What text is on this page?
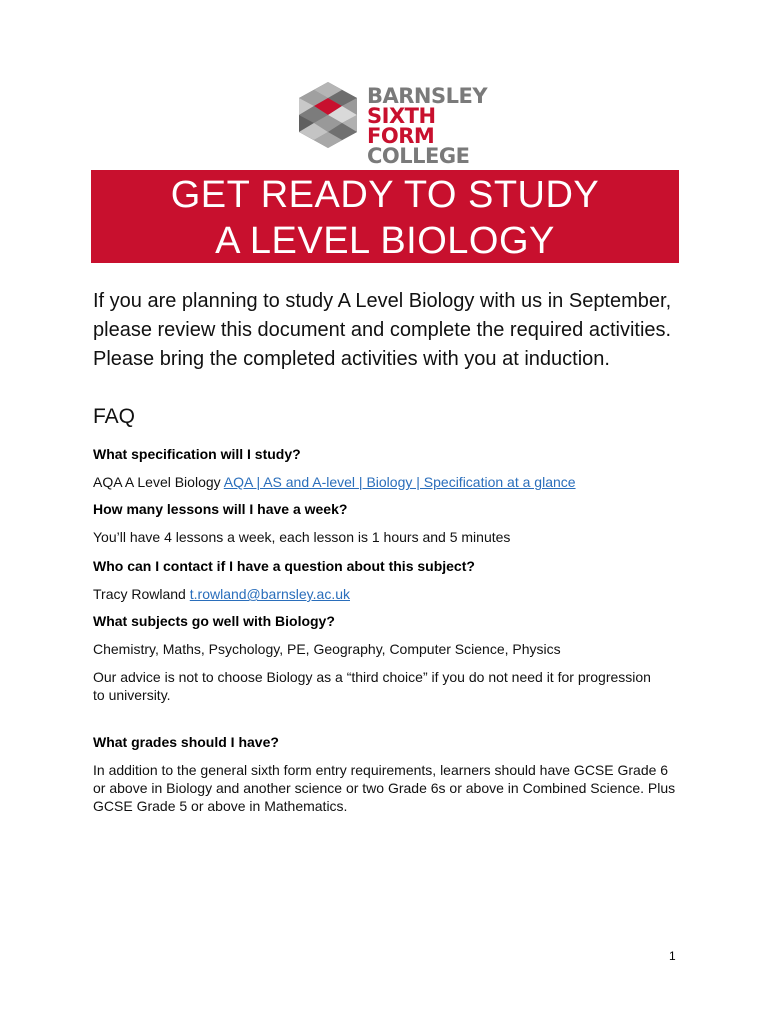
BARNSLEY
SIXTH FORM
COLLEGE
GET READY TO STUDY
A LEVEL BIOLOGY
If you are planning to study A Level Biology with us in September, please review this document and complete the required activities. Please bring the completed activities with you at induction.
FAQ
What specification will I study?
AQA A Level Biology AQA | AS and A-level | Biology | Specification at a glance
How many lessons will I have a week?
You’ll have 4 lessons a week, each lesson is 1 hours and 5 minutes
Who can I contact if I have a question about this subject?
Tracy Rowland t.rowland@barnsley.ac.uk
What subjects go well with Biology?
Chemistry, Maths, Psychology, PE, Geography, Computer Science, Physics
Our advice is not to choose Biology as a “third choice” if you do not need it for progression to university.
What grades should I have?
In addition to the general sixth form entry requirements, learners should have GCSE Grade 6 or above in Biology and another science or two Grade 6s or above in Combined Science. Plus GCSE Grade 5 or above in Mathematics.
1
